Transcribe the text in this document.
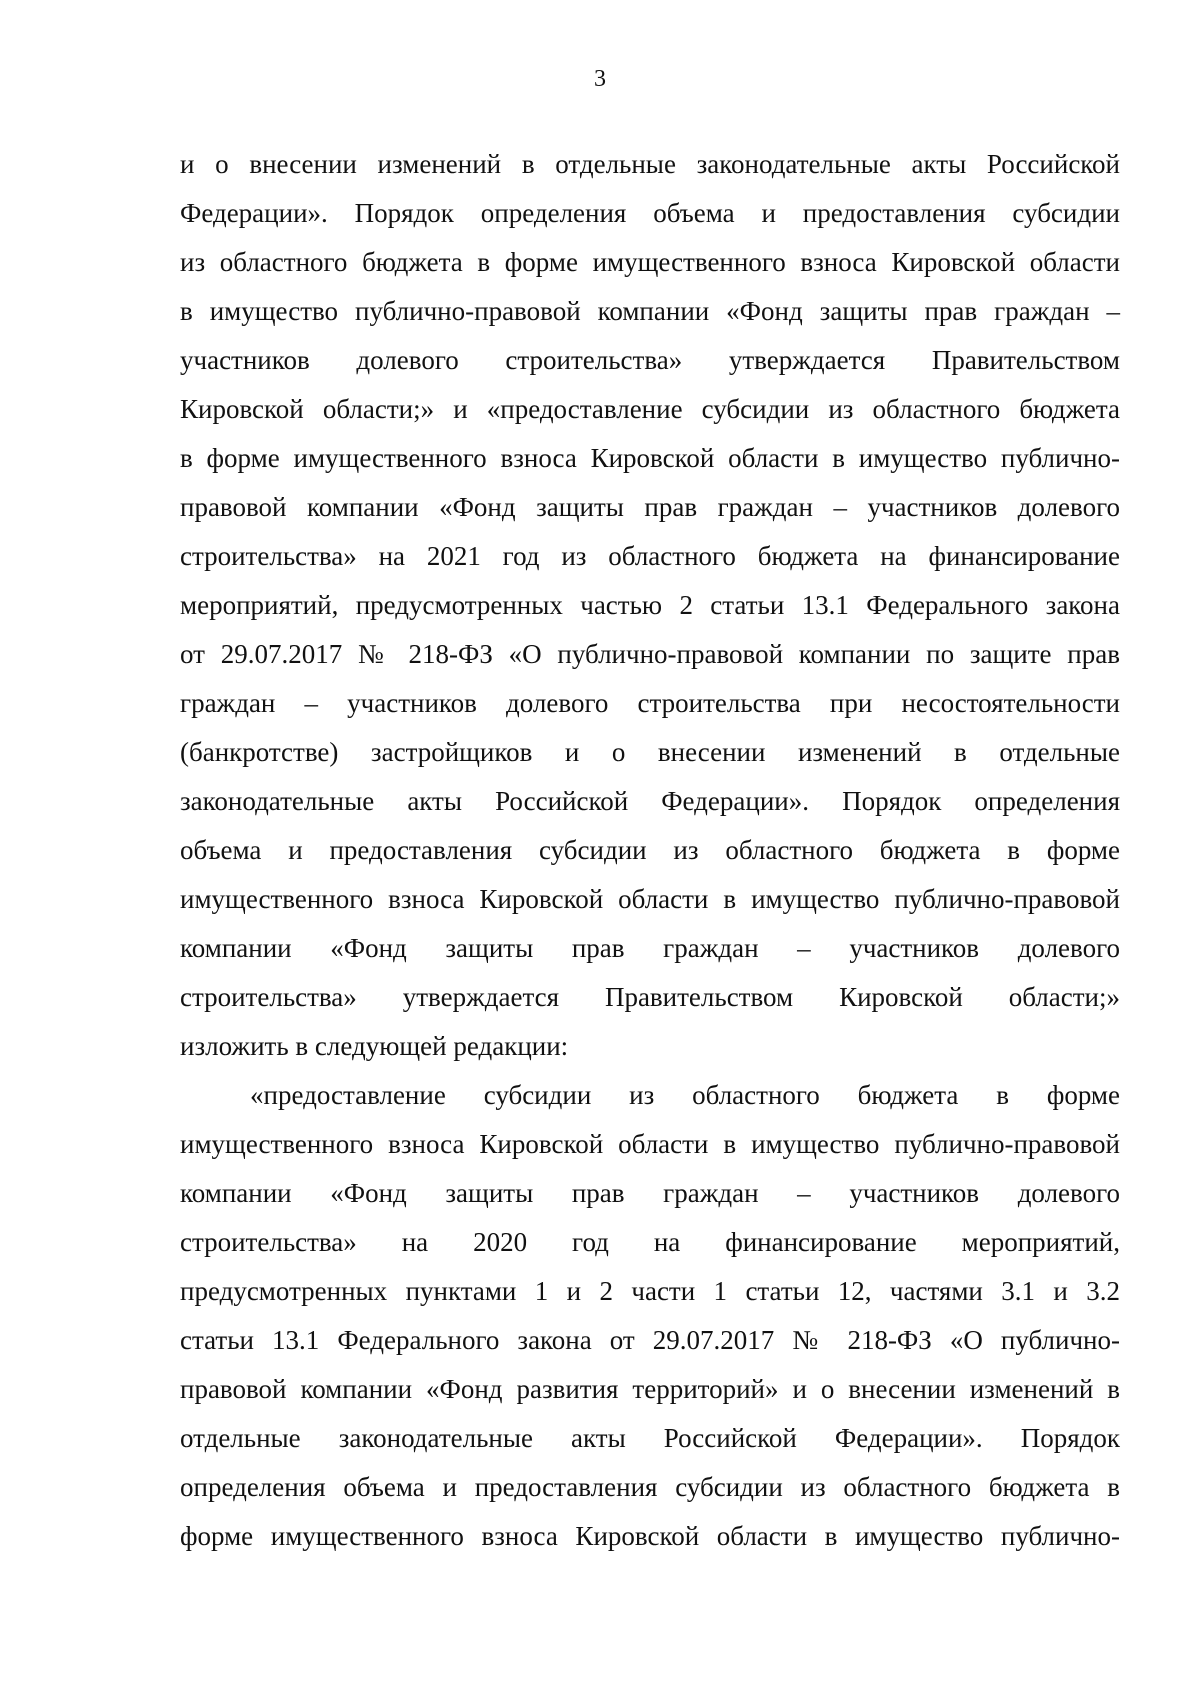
3
и о внесении изменений в отдельные законодательные акты Российской
Федерации». Порядок определения объема и предоставления субсидии
из областного бюджета в форме имущественного взноса Кировской области
в имущество публично-правовой компании «Фонд защиты прав граждан –
участников долевого строительства» утверждается Правительством
Кировской области;» и «предоставление субсидии из областного бюджета
в форме имущественного взноса Кировской области в имущество публично-
правовой компании «Фонд защиты прав граждан – участников долевого
строительства» на 2021 год из областного бюджета на финансирование
мероприятий, предусмотренных частью 2 статьи 13.1 Федерального закона
от 29.07.2017 № 218-ФЗ «О публично-правовой компании по защите прав
граждан – участников долевого строительства при несостоятельности
(банкротстве) застройщиков и о внесении изменений в отдельные
законодательные акты Российской Федерации». Порядок определения
объема и предоставления субсидии из областного бюджета в форме
имущественного взноса Кировской области в имущество публично-правовой
компании «Фонд защиты прав граждан – участников долевого
строительства» утверждается Правительством Кировской области;»
изложить в следующей редакции:
«предоставление субсидии из областного бюджета в форме
имущественного взноса Кировской области в имущество публично-правовой
компании «Фонд защиты прав граждан – участников долевого
строительства» на 2020 год на финансирование мероприятий,
предусмотренных пунктами 1 и 2 части 1 статьи 12, частями 3.1 и 3.2
статьи 13.1 Федерального закона от 29.07.2017 № 218-ФЗ «О публично-
правовой компании «Фонд развития территорий» и о внесении изменений в
отдельные законодательные акты Российской Федерации». Порядок
определения объема и предоставления субсидии из областного бюджета в
форме имущественного взноса Кировской области в имущество публично-
